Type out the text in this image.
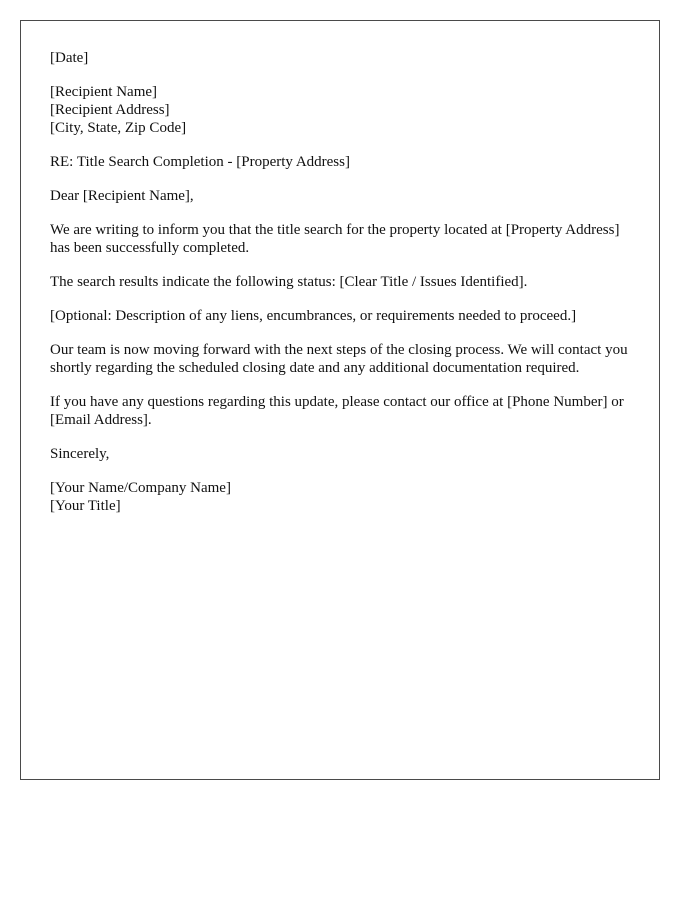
[Date]

[Recipient Name]
[Recipient Address]
[City, State, Zip Code]

RE: Title Search Completion - [Property Address]

Dear [Recipient Name],

We are writing to inform you that the title search for the property located at [Property Address] has been successfully completed.

The search results indicate the following status: [Clear Title / Issues Identified].

[Optional: Description of any liens, encumbrances, or requirements needed to proceed.]

Our team is now moving forward with the next steps of the closing process. We will contact you shortly regarding the scheduled closing date and any additional documentation required.

If you have any questions regarding this update, please contact our office at [Phone Number] or [Email Address].

Sincerely,

[Your Name/Company Name]
[Your Title]
